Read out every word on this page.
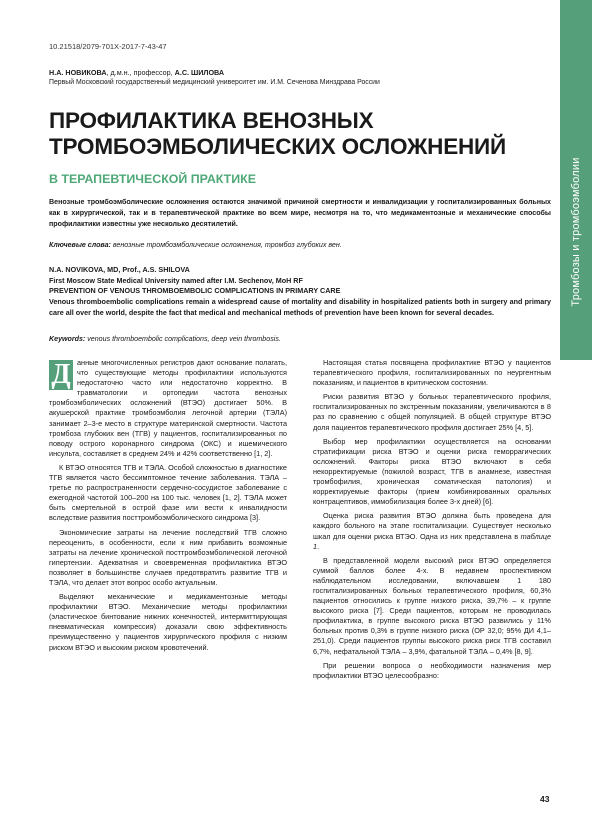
Тромбозы и тромбоэмболии
10.21518/2079-701X-2017-7-43-47
Н.А. НОВИКОВА, д.м.н., профессор, А.С. ШИЛОВА
Первый Московский государственный медицинский университет им. И.М. Сеченова Минздрава России
ПРОФИЛАКТИКА ВЕНОЗНЫХ
ТРОМБОЭМБОЛИЧЕСКИХ ОСЛОЖНЕНИЙ
В ТЕРАПЕВТИЧЕСКОЙ ПРАКТИКЕ
Венозные тромбоэмболические осложнения остаются значимой причиной смертности и инвалидизации у госпитализированных больных как в хирургической, так и в терапевтической практике во всем мире, несмотря на то, что медикаментозные и механические способы профилактики известны уже несколько десятилетий.
Ключевые слова: венозные тромбоэмболические осложнения, тромбоз глубоких вен.
N.A. NOVIKOVA, MD, Prof., A.S. SHILOVA
First Moscow State Medical University named after I.M. Sechenov, MoH RF
PREVENTION OF VENOUS THROMBOEMBOLIC COMPLICATIONS IN PRIMARY CARE
Venous thromboembolic complications remain a widespread cause of mortality and disability in hospitalized patients both in surgery and primary care all over the world, despite the fact that medical and mechanical methods of prevention have been known for several decades.
Keywords: venous thromboembolic complications, deep vein thrombosis.

Д анные многочисленных регистров дают основание полагать, что существующие методы профилактики используются недостаточно часто или недостаточно корректно. В травматологии и ортопедии частота венозных тромбоэмболических осложнений (ВТЭО) достигает 50%. В акушерской практике тромбоэмболия легочной артерии (ТЭЛА) занимает 2–3-е место в структуре материнской смертности. Частота тромбоза глубоких вен (ТГВ) у пациентов, госпитализированных по поводу острого коронарного синдрома (ОКС) и ишемического инсульта, составляет в среднем 24% и 42% соответственно [1, 2].

К ВТЭО относятся ТГВ и ТЭЛА. Особой сложностью в диагностике ТГВ является часто бессимптомное течение заболевания. ТЭЛА – третье по распространенности сердечно-сосудистое заболевание с ежегодной частотой 100–200 на 100 тыс. человек [1, 2]. ТЭЛА может быть смертельной в острой фазе или вести к инвалидности вследствие развития посттромбоэмболического синдрома [3].

Экономические затраты на лечение последствий ТГВ сложно переоценить, в особенности, если к ним прибавить возможные затраты на лечение хронической посттромбоэмболической легочной гипертензии. Адекватная и своевременная профилактика ВТЭО позволяет в большинстве случаев предотвратить развитие ТГВ и ТЭЛА, что делает этот вопрос особо актуальным.

Выделяют механические и медикаментозные методы профилактики ВТЭО. Механические методы профилактики (эластическое бинтование нижних конечностей, интермиттирующая пневматическая компрессия) доказали свою эффективность преимущественно у пациентов хирургического профиля с низким риском ВТЭО и высоким риском кровотечений.

Настоящая статья посвящена профилактике ВТЭО у пациентов терапевтического профиля, госпитализированных по неургентным показаниям, и пациентов в критическом состоянии.

Риски развития ВТЭО у больных терапевтического профиля, госпитализированных по экстренным показаниям, увеличиваются в 8 раз по сравнению с общей популяцией. В общей структуре ВТЭО доля пациентов терапевтического профиля достигает 25% [4, 5].

Выбор мер профилактики осуществляется на основании стратификации риска ВТЭО и оценки риска геморрагических осложнений. Факторы риска ВТЭО включают в себя некорректируемые (пожилой возраст, ТГВ в анамнезе, известная тромбофилия, хроническая соматическая патология) и корректируемые факторы (прием комбинированных оральных контрацептивов, иммобилизация более 3-х дней) [6].

Оценка риска развития ВТЭО должна быть проведена для каждого больного на этапе госпитализации. Существует несколько шкал для оценки риска ВТЭО. Одна из них представлена в таблице 1.

В представленной модели высокий риск ВТЭО определяется суммой баллов более 4-х. В недавнем проспективном наблюдательном исследовании, включавшем 1 180 госпитализированных больных терапевтического профиля, 60,3% пациентов относились к группе низкого риска, 39,7% – к группе высокого риска [7]. Среди пациентов, которым не проводилась профилактика, в группе высокого риска ВТЭО развились у 11% больных против 0,3% в группе низкого риска (ОР 32,0; 95% ДИ 4,1–251,0). Среди пациентов группы высокого риска риск ТГВ составил 6,7%, нефатальной ТЭЛА – 3,9%, фатальной ТЭЛА – 0,4% [8, 9].

При решении вопроса о необходимости назначения мер профилактики ВТЭО целесообразно:

43
